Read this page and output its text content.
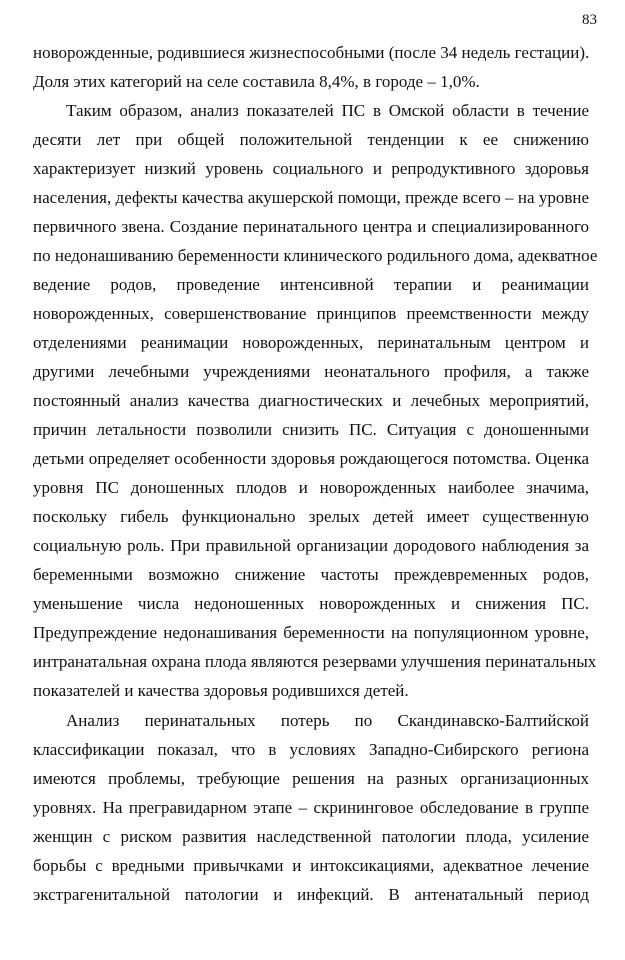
83
новорожденные, родившиеся жизнеспособными (после 34 недель гестации).
Доля этих категорий на селе составила 8,4%, в городе – 1,0%.
Таким образом, анализ показателей ПС в Омской области в течение
десяти лет при общей положительной тенденции к ее снижению
характеризует низкий уровень социального и репродуктивного здоровья
населения, дефекты качества акушерской помощи, прежде всего – на уровне
первичного звена. Создание перинатального центра и специализированного
по недонашиванию беременности клинического родильного дома, адекватное
ведение родов, проведение интенсивной терапии и реанимации
новорожденных, совершенствование принципов преемственности между
отделениями реанимации новорожденных, перинатальным центром и
другими лечебными учреждениями неонатального профиля, а также
постоянный анализ качества диагностических и лечебных мероприятий,
причин летальности позволили снизить ПС. Ситуация с доношенными
детьми определяет особенности здоровья рождающегося потомства. Оценка
уровня ПС доношенных плодов и новорожденных наиболее значима,
поскольку гибель функционально зрелых детей имеет существенную
социальную роль. При правильной организации дородового наблюдения за
беременными возможно снижение частоты преждевременных родов,
уменьшение числа недоношенных новорожденных и снижения ПС.
Предупреждение недонашивания беременности на популяционном уровне,
интранатальная охрана плода являются резервами улучшения перинатальных
показателей и качества здоровья родившихся детей.
Анализ перинатальных потерь по Скандинавско-Балтийской
классификации показал, что в условиях Западно-Сибирского региона
имеются проблемы, требующие решения на разных организационных
уровнях. На прегравидарном этапе – скрининговое обследование в группе
женщин с риском развития наследственной патологии плода, усиление
борьбы с вредными привычками и интоксикациями, адекватное лечение
экстрагенитальной патологии и инфекций. В антенатальный период
